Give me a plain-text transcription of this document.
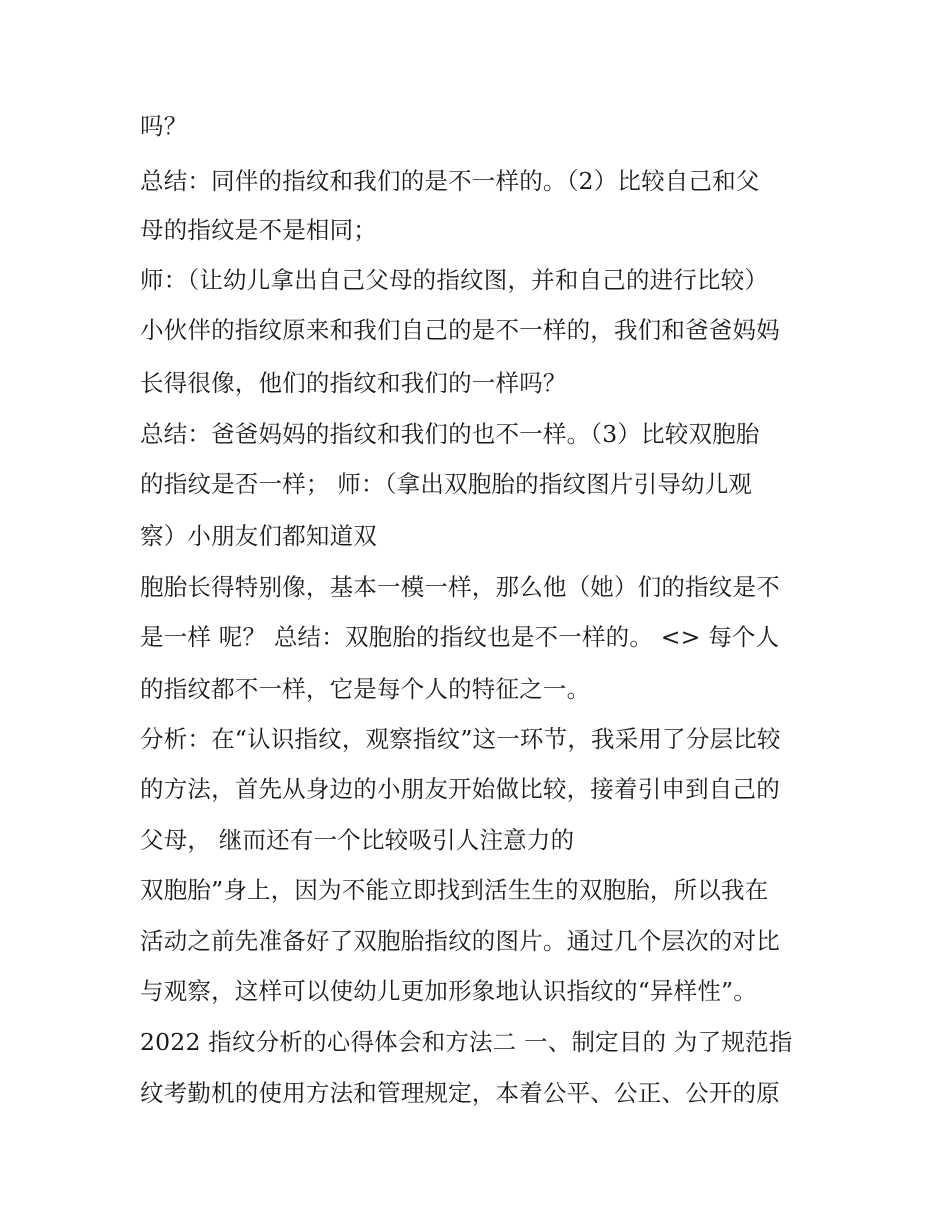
吗？
总结：同伴的指纹和我们的是不一样的。（2）比较自己和父
母的指纹是不是相同；
师：（让幼儿拿出自己父母的指纹图，并和自己的进行比较）
小伙伴的指纹原来和我们自己的是不一样的，我们和爸爸妈妈
长得很像，他们的指纹和我们的一样吗？
总结：爸爸妈妈的指纹和我们的也不一样。（3）比较双胞胎
的指纹是否一样； 师：（拿出双胞胎的指纹图片引导幼儿观
察）小朋友们都知道双
胞胎长得特别像，基本一模一样，那么他（她）们的指纹是不
是一样 呢？ 总结：双胞胎的指纹也是不一样的。 <> 每个人
的指纹都不一样，它是每个人的特征之一。
分析：在“认识指纹，观察指纹”这一环节，我采用了分层比较
的方法，首先从身边的小朋友开始做比较，接着引申到自己的
父母， 继而还有一个比较吸引人注意力的
双胞胎”身上，因为不能立即找到活生生的双胞胎，所以我在
活动之前先准备好了双胞胎指纹的图片。通过几个层次的对比
与观察，这样可以使幼儿更加形象地认识指纹的“异样性”。
2022 指纹分析的心得体会和方法二 一、制定目的 为了规范指
纹考勤机的使用方法和管理规定，本着公平、公正、公开的原
